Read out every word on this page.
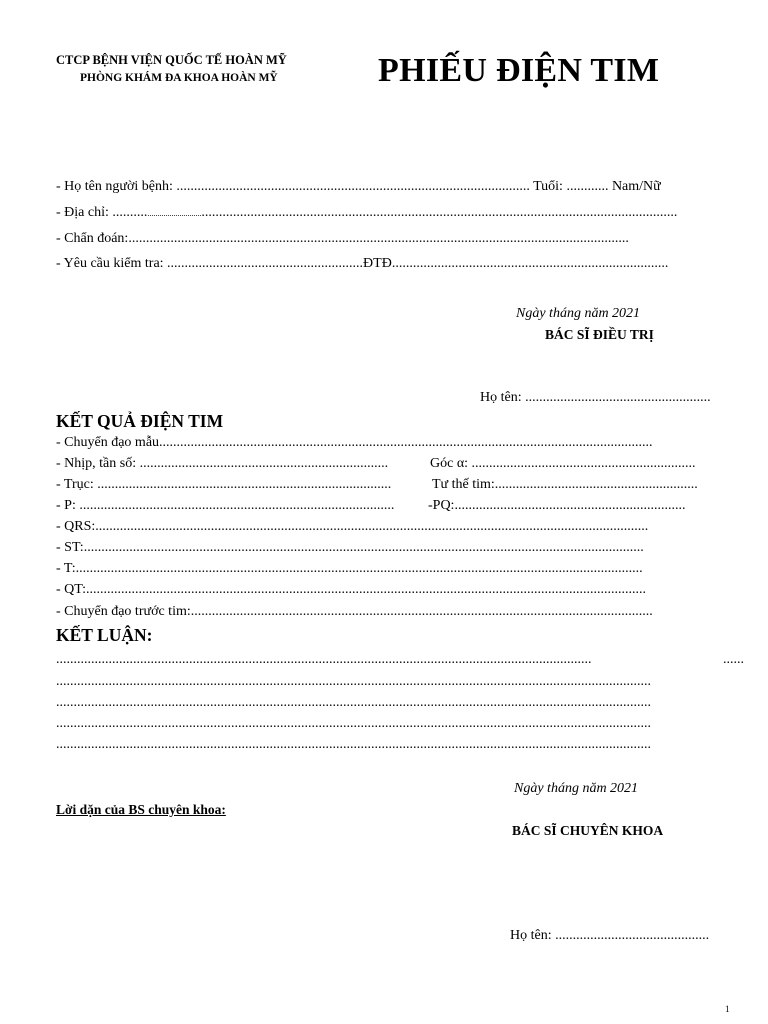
CTCP BỆNH VIỆN QUỐC TẾ HOÀN MỸ
PHÒNG KHÁM ĐA KHOA HOÀN MỸ	PHIẾU ĐIỆN TIM
- Họ tên người bệnh: ..................................................................................................... Tuổi: ............ Nam/Nữ
- Địa chỉ: .............................................................................................................................................................................
- Chẩn đoán:...............................................................................................................................................
- Yêu cầu kiểm tra: ........................................................ĐTĐ...............................................................................
Ngày tháng năm 2021
BÁC SĨ ĐIỀU TRỊ
Họ tên: .....................................................
KẾT QUẢ ĐIỆN TIM
- Chuyển đạo mẫu.............................................................................................................................................
- Nhịp, tần số: .......................................................................	Góc α: ................................................................
- Trục: ....................................................................................	Tư thế tim:..........................................................
- P: .......................................................................................... -PQ:..................................................................
- QRS:..............................................................................................................................................................
- ST:................................................................................................................................................................
- T:..................................................................................................................................................................
- QT:................................................................................................................................................................
- Chuyển đạo trước tim:....................................................................................................................................
KẾT LUẬN:
.........................................................................................................................................................	......
..........................................................................................................................................................................
..........................................................................................................................................................................
..........................................................................................................................................................................
..........................................................................................................................................................................
Ngày tháng năm 2021
Lời dặn của BS chuyên khoa:
BÁC SĨ CHUYÊN KHOA
Họ tên: ............................................
1
